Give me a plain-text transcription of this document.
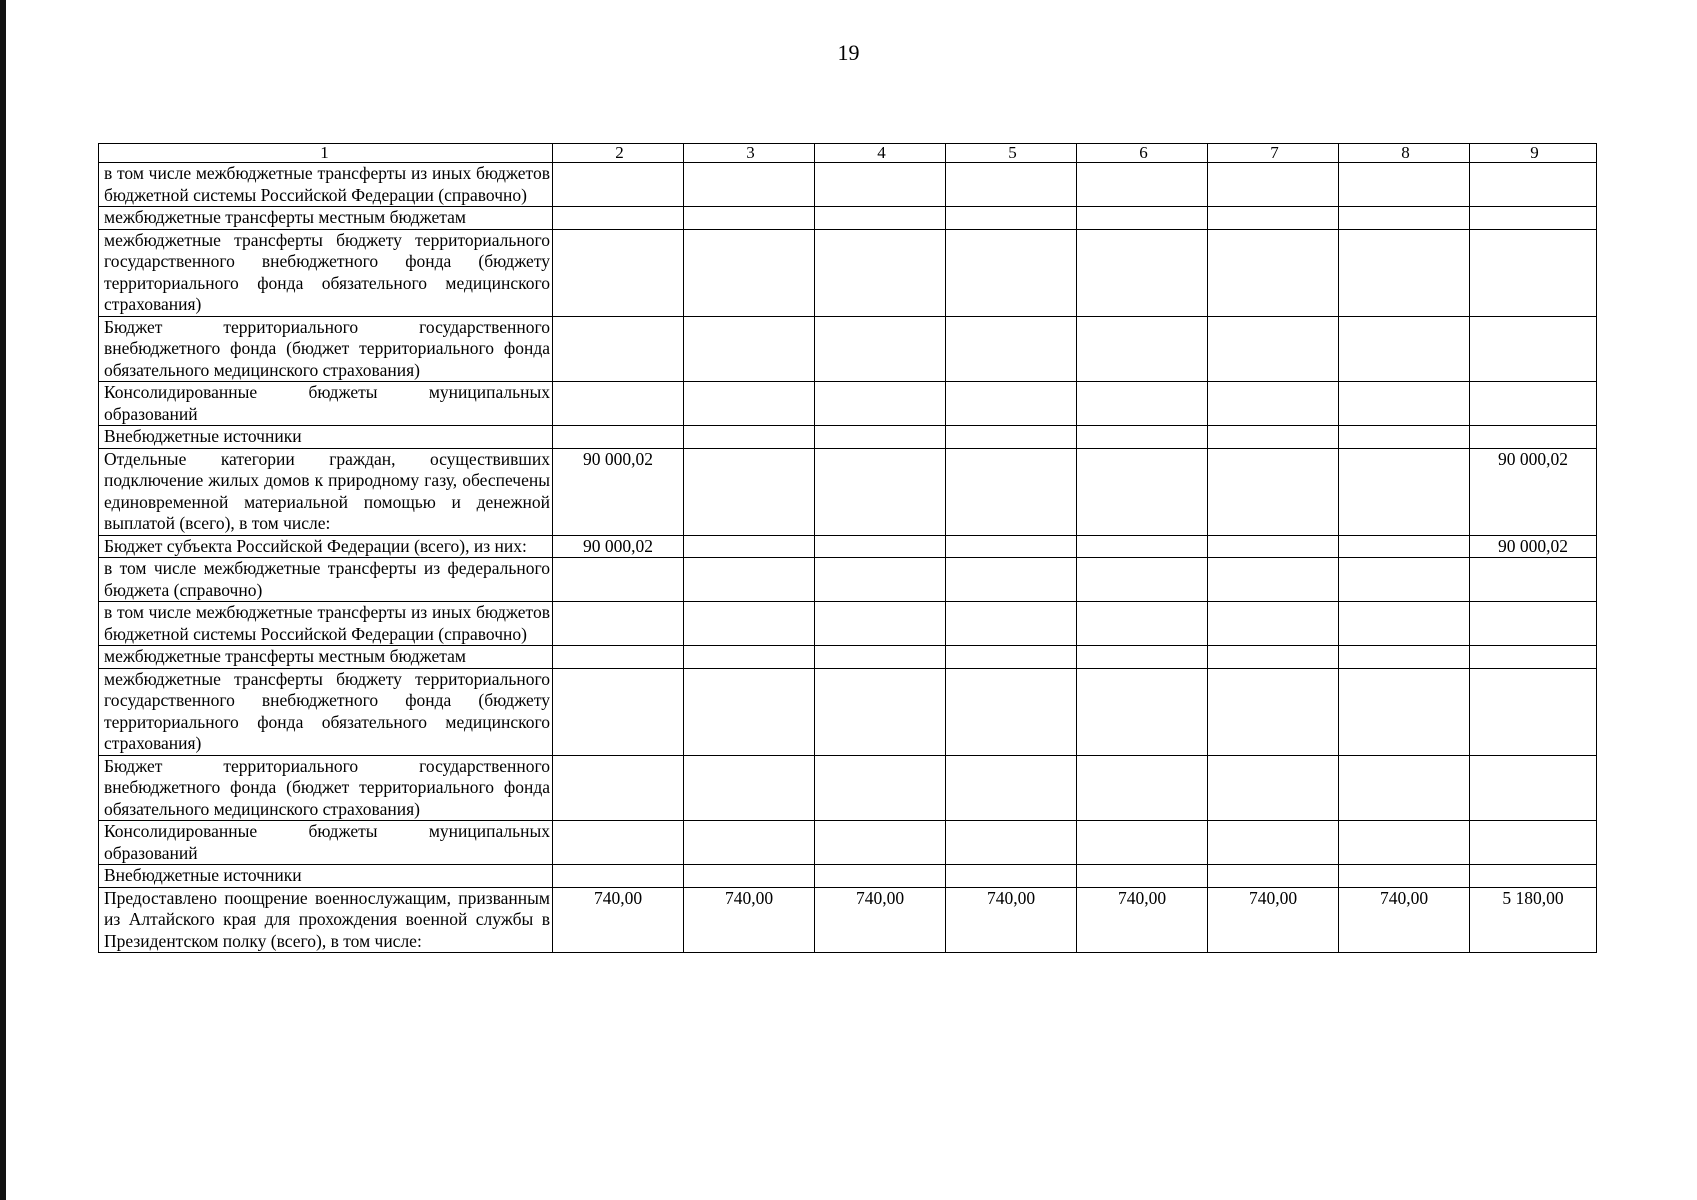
19
1	2	3	4	5	6	7	8	9
в том числе межбюджетные трансферты из иных бюджетов бюджетной системы Российской Федерации (справочно)								
межбюджетные трансферты местным бюджетам								
межбюджетные трансферты бюджету территориального государственного внебюджетного фонда (бюджету территориального фонда обязательного медицинского страхования)								
Бюджет территориального государственного внебюджетного фонда (бюджет территориального фонда обязательного медицинского страхования)								
Консолидированные бюджеты муниципальных образований								
Внебюджетные источники								
Отдельные категории граждан, осуществивших подключение жилых домов к природному газу, обеспечены единовременной материальной помощью и денежной выплатой (всего), в том числе:	90 000,02							90 000,02
Бюджет субъекта Российской Федерации (всего), из них:	90 000,02							90 000,02
в том числе межбюджетные трансферты из федерального бюджета (справочно)								
в том числе межбюджетные трансферты из иных бюджетов бюджетной системы Российской Федерации (справочно)								
межбюджетные трансферты местным бюджетам								
межбюджетные трансферты бюджету территориального государственного внебюджетного фонда (бюджету территориального фонда обязательного медицинского страхования)								
Бюджет территориального государственного внебюджетного фонда (бюджет территориального фонда обязательного медицинского страхования)								
Консолидированные бюджеты муниципальных образований								
Внебюджетные источники								
Предоставлено поощрение военнослужащим, призванным из Алтайского края для прохождения военной службы в Президентском полку (всего), в том числе:	740,00	740,00	740,00	740,00	740,00	740,00	740,00	5 180,00
